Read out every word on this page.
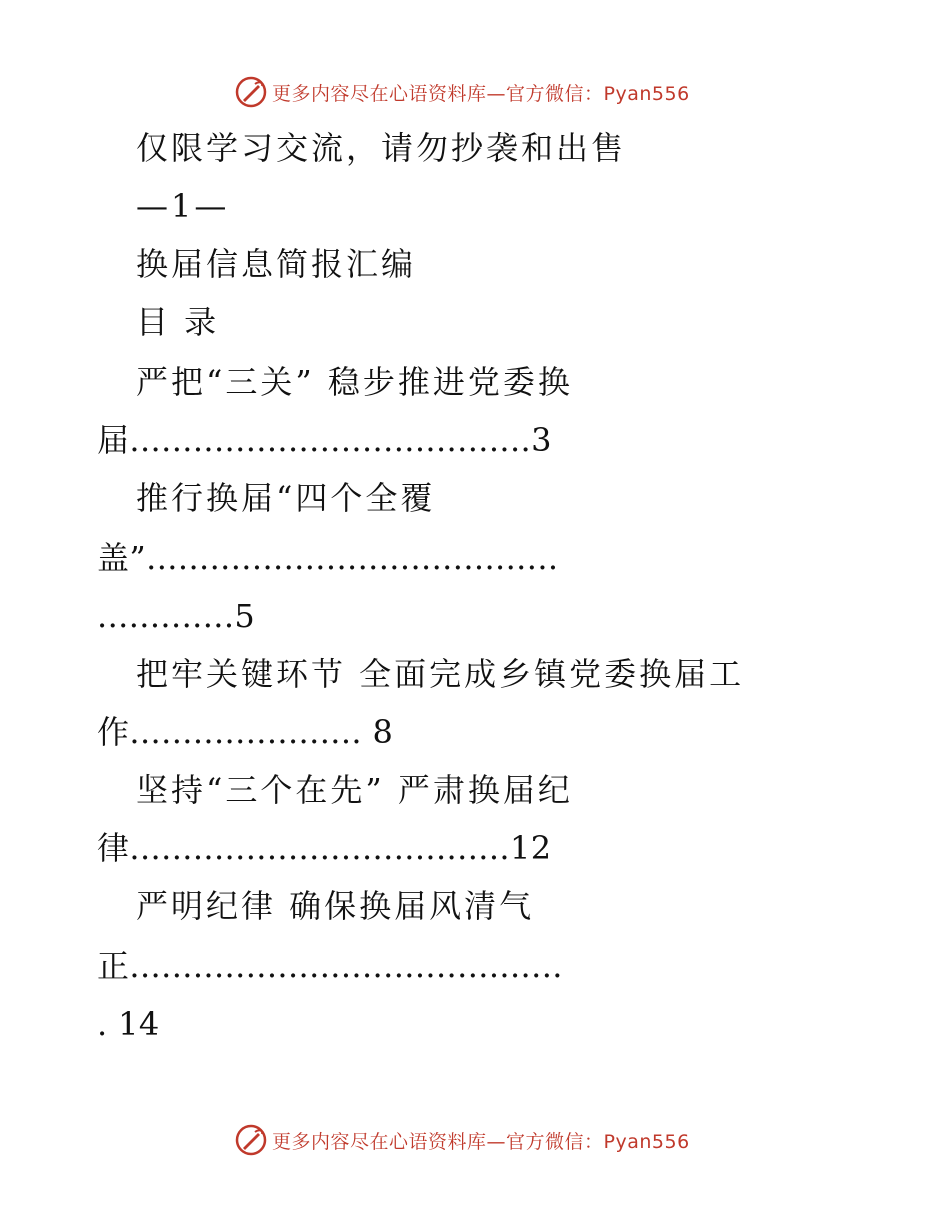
更多内容尽在心语资料库—官方微信：Pyan556
仅限学习交流，请勿抄袭和出售
—1—
换届信息简报汇编
目 录
严把“三关” 稳步推进党委换
届......................................3
推行换届“四个全覆
盖”.......................................
.............5
把牢关键环节 全面完成乡镇党委换届工
作...................... 8
坚持“三个在先” 严肃换届纪
律....................................12
严明纪律 确保换届风清气
正.........................................
. 14
更多内容尽在心语资料库—官方微信：Pyan556
